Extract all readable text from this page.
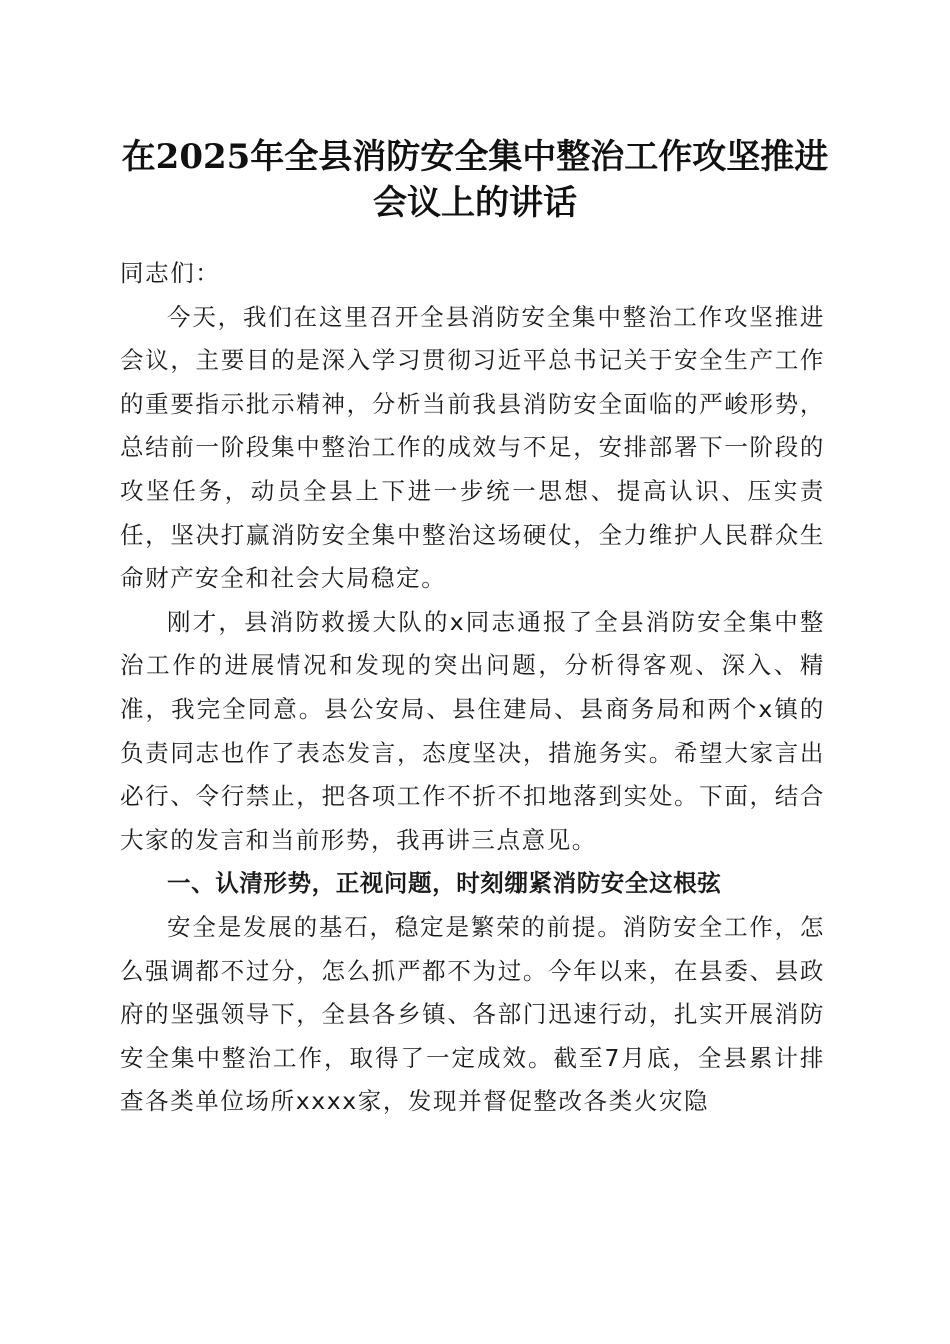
在2025年全县消防安全集中整治工作攻坚推进会议上的讲话

同志们：

今天，我们在这里召开全县消防安全集中整治工作攻坚推进会议，主要目的是深入学习贯彻习近平总书记关于安全生产工作的重要指示批示精神，分析当前我县消防安全面临的严峻形势，总结前一阶段集中整治工作的成效与不足，安排部署下一阶段的攻坚任务，动员全县上下进一步统一思想、提高认识、压实责任，坚决打赢消防安全集中整治这场硬仗，全力维护人民群众生命财产安全和社会大局稳定。

刚才，县消防救援大队的x同志通报了全县消防安全集中整治工作的进展情况和发现的突出问题，分析得客观、深入、精准，我完全同意。县公安局、县住建局、县商务局和两个x镇的负责同志也作了表态发言，态度坚决，措施务实。希望大家言出必行、令行禁止，把各项工作不折不扣地落到实处。下面，结合大家的发言和当前形势，我再讲三点意见。

一、认清形势，正视问题，时刻绷紧消防安全这根弦

安全是发展的基石，稳定是繁荣的前提。消防安全工作，怎么强调都不过分，怎么抓严都不为过。今年以来，在县委、县政府的坚强领导下，全县各乡镇、各部门迅速行动，扎实开展消防安全集中整治工作，取得了一定成效。截至7月底，全县累计排查各类单位场所xxxx家，发现并督促整改各类火灾隐
